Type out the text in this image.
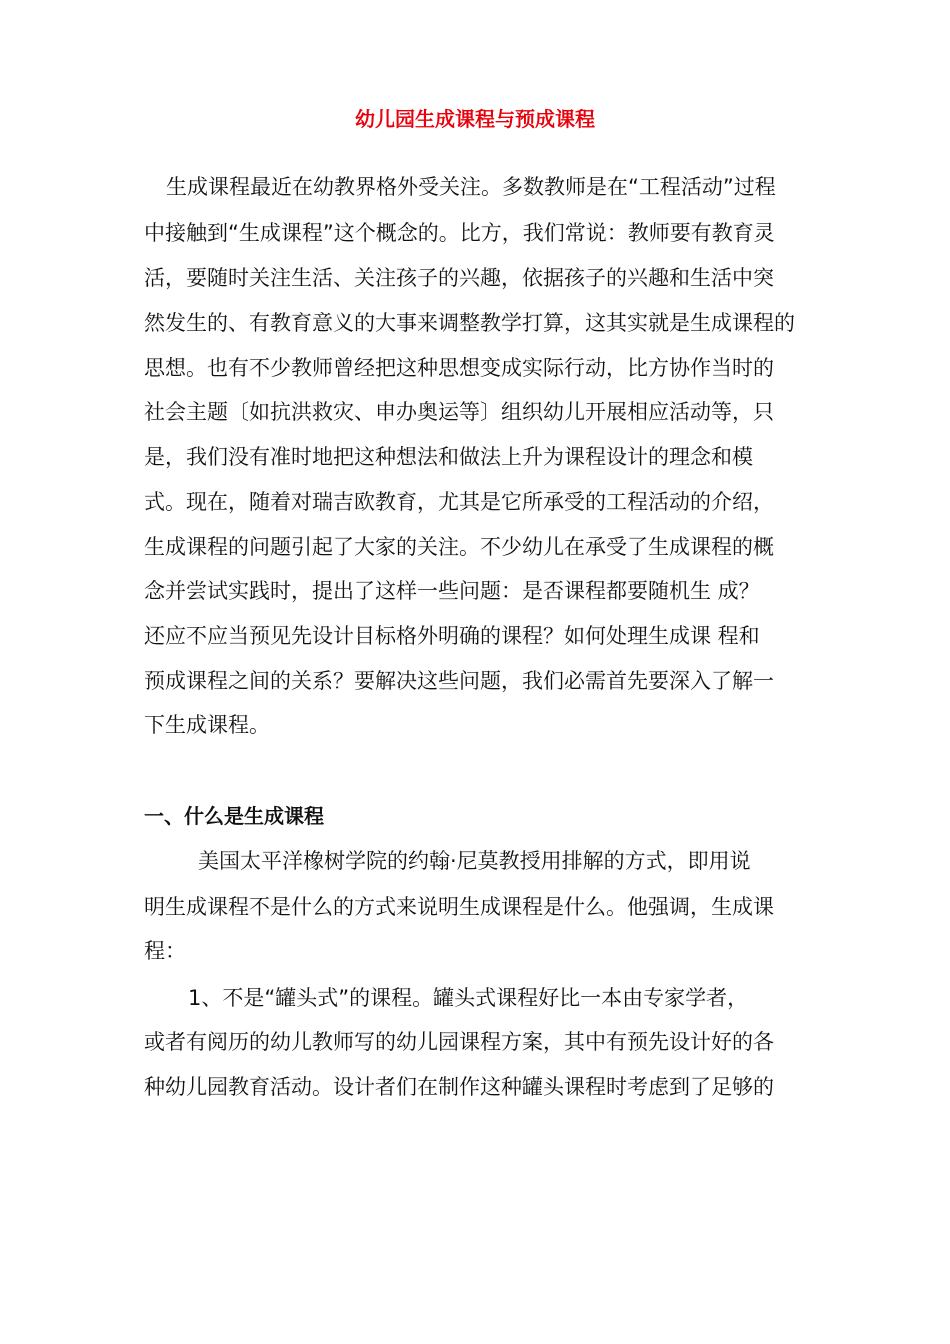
幼儿园生成课程与预成课程

生成课程最近在幼教界格外受关注。多数教师是在“工程活动”过程

中接触到“生成课程”这个概念的。比方，我们常说：教师要有教育灵

活，要随时关注生活、关注孩子的兴趣，依据孩子的兴趣和生活中突

然发生的、有教育意义的大事来调整教学打算，这其实就是生成课程的

思想。也有不少教师曾经把这种思想变成实际行动，比方协作当时的

社会主题〔如抗洪救灾、申办奥运等〕组织幼儿开展相应活动等，只

是，我们没有准时地把这种想法和做法上升为课程设计的理念和模

式。现在，随着对瑞吉欧教育，尤其是它所承受的工程活动的介绍，

生成课程的问题引起了大家的关注。不少幼儿在承受了生成课程的概

念并尝试实践时，提出了这样一些问题：是否课程都要随机生 成？

还应不应当预见先设计目标格外明确的课程？如何处理生成课 程和

预成课程之间的关系？要解决这些问题，我们必需首先要深入了解一

下生成课程。

一、什么是生成课程

美国太平洋橡树学院的约翰·尼莫教授用排解的方式，即用说

明生成课程不是什么的方式来说明生成课程是什么。他强调，生成课

程：

1、不是“罐头式”的课程。罐头式课程好比一本由专家学者，

或者有阅历的幼儿教师写的幼儿园课程方案，其中有预先设计好的各

种幼儿园教育活动。设计者们在制作这种罐头课程时考虑到了足够的
